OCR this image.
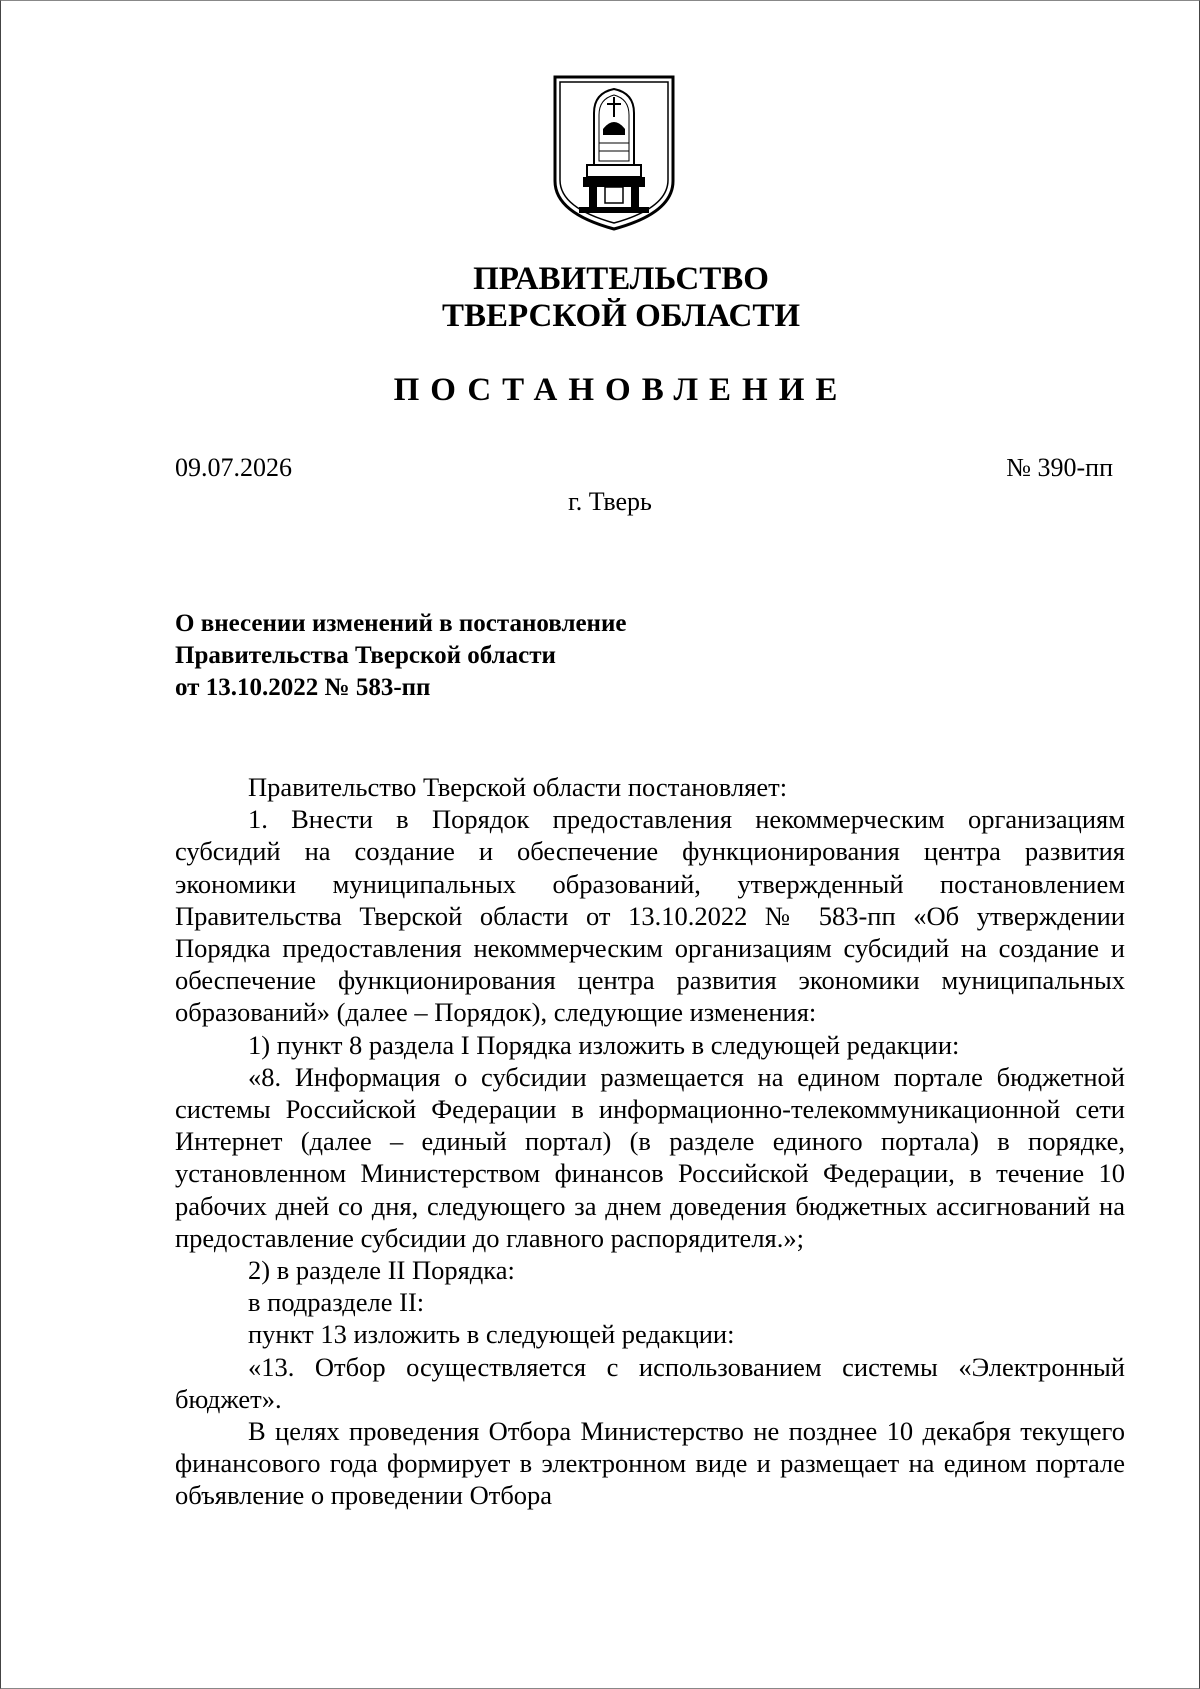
ПРАВИТЕЛЬСТВО
ТВЕРСКОЙ ОБЛАСТИ
ПОСТАНОВЛЕНИЕ
09.07.2026	№ 390-пп
г. Тверь
О внесении изменений в постановление
Правительства Тверской области
от 13.10.2022 № 583-пп

Правительство Тверской области постановляет:

1. Внести в Порядок предоставления некоммерческим организациям субсидий на создание и обеспечение функционирования центра развития экономики муниципальных образований, утвержденный постановлением Правительства Тверской области от 13.10.2022 № 583-пп «Об утверждении Порядка предоставления некоммерческим организациям субсидий на создание и обеспечение функционирования центра развития экономики муниципальных образований» (далее – Порядок), следующие изменения:

1) пункт 8 раздела I Порядка изложить в следующей редакции:

«8. Информация о субсидии размещается на едином портале бюджетной системы Российской Федерации в информационно-телекоммуникационной сети Интернет (далее – единый портал) (в разделе единого портала) в порядке, установленном Министерством финансов Российской Федерации, в течение 10 рабочих дней со дня, следующего за днем доведения бюджетных ассигнований на предоставление субсидии до главного распорядителя.»;

2) в разделе II Порядка:

в подразделе II:

пункт 13 изложить в следующей редакции:

«13. Отбор осуществляется с использованием системы «Электронный бюджет».

В целях проведения Отбора Министерство не позднее 10 декабря текущего финансового года формирует в электронном виде и размещает на едином портале объявление о проведении Отбора
